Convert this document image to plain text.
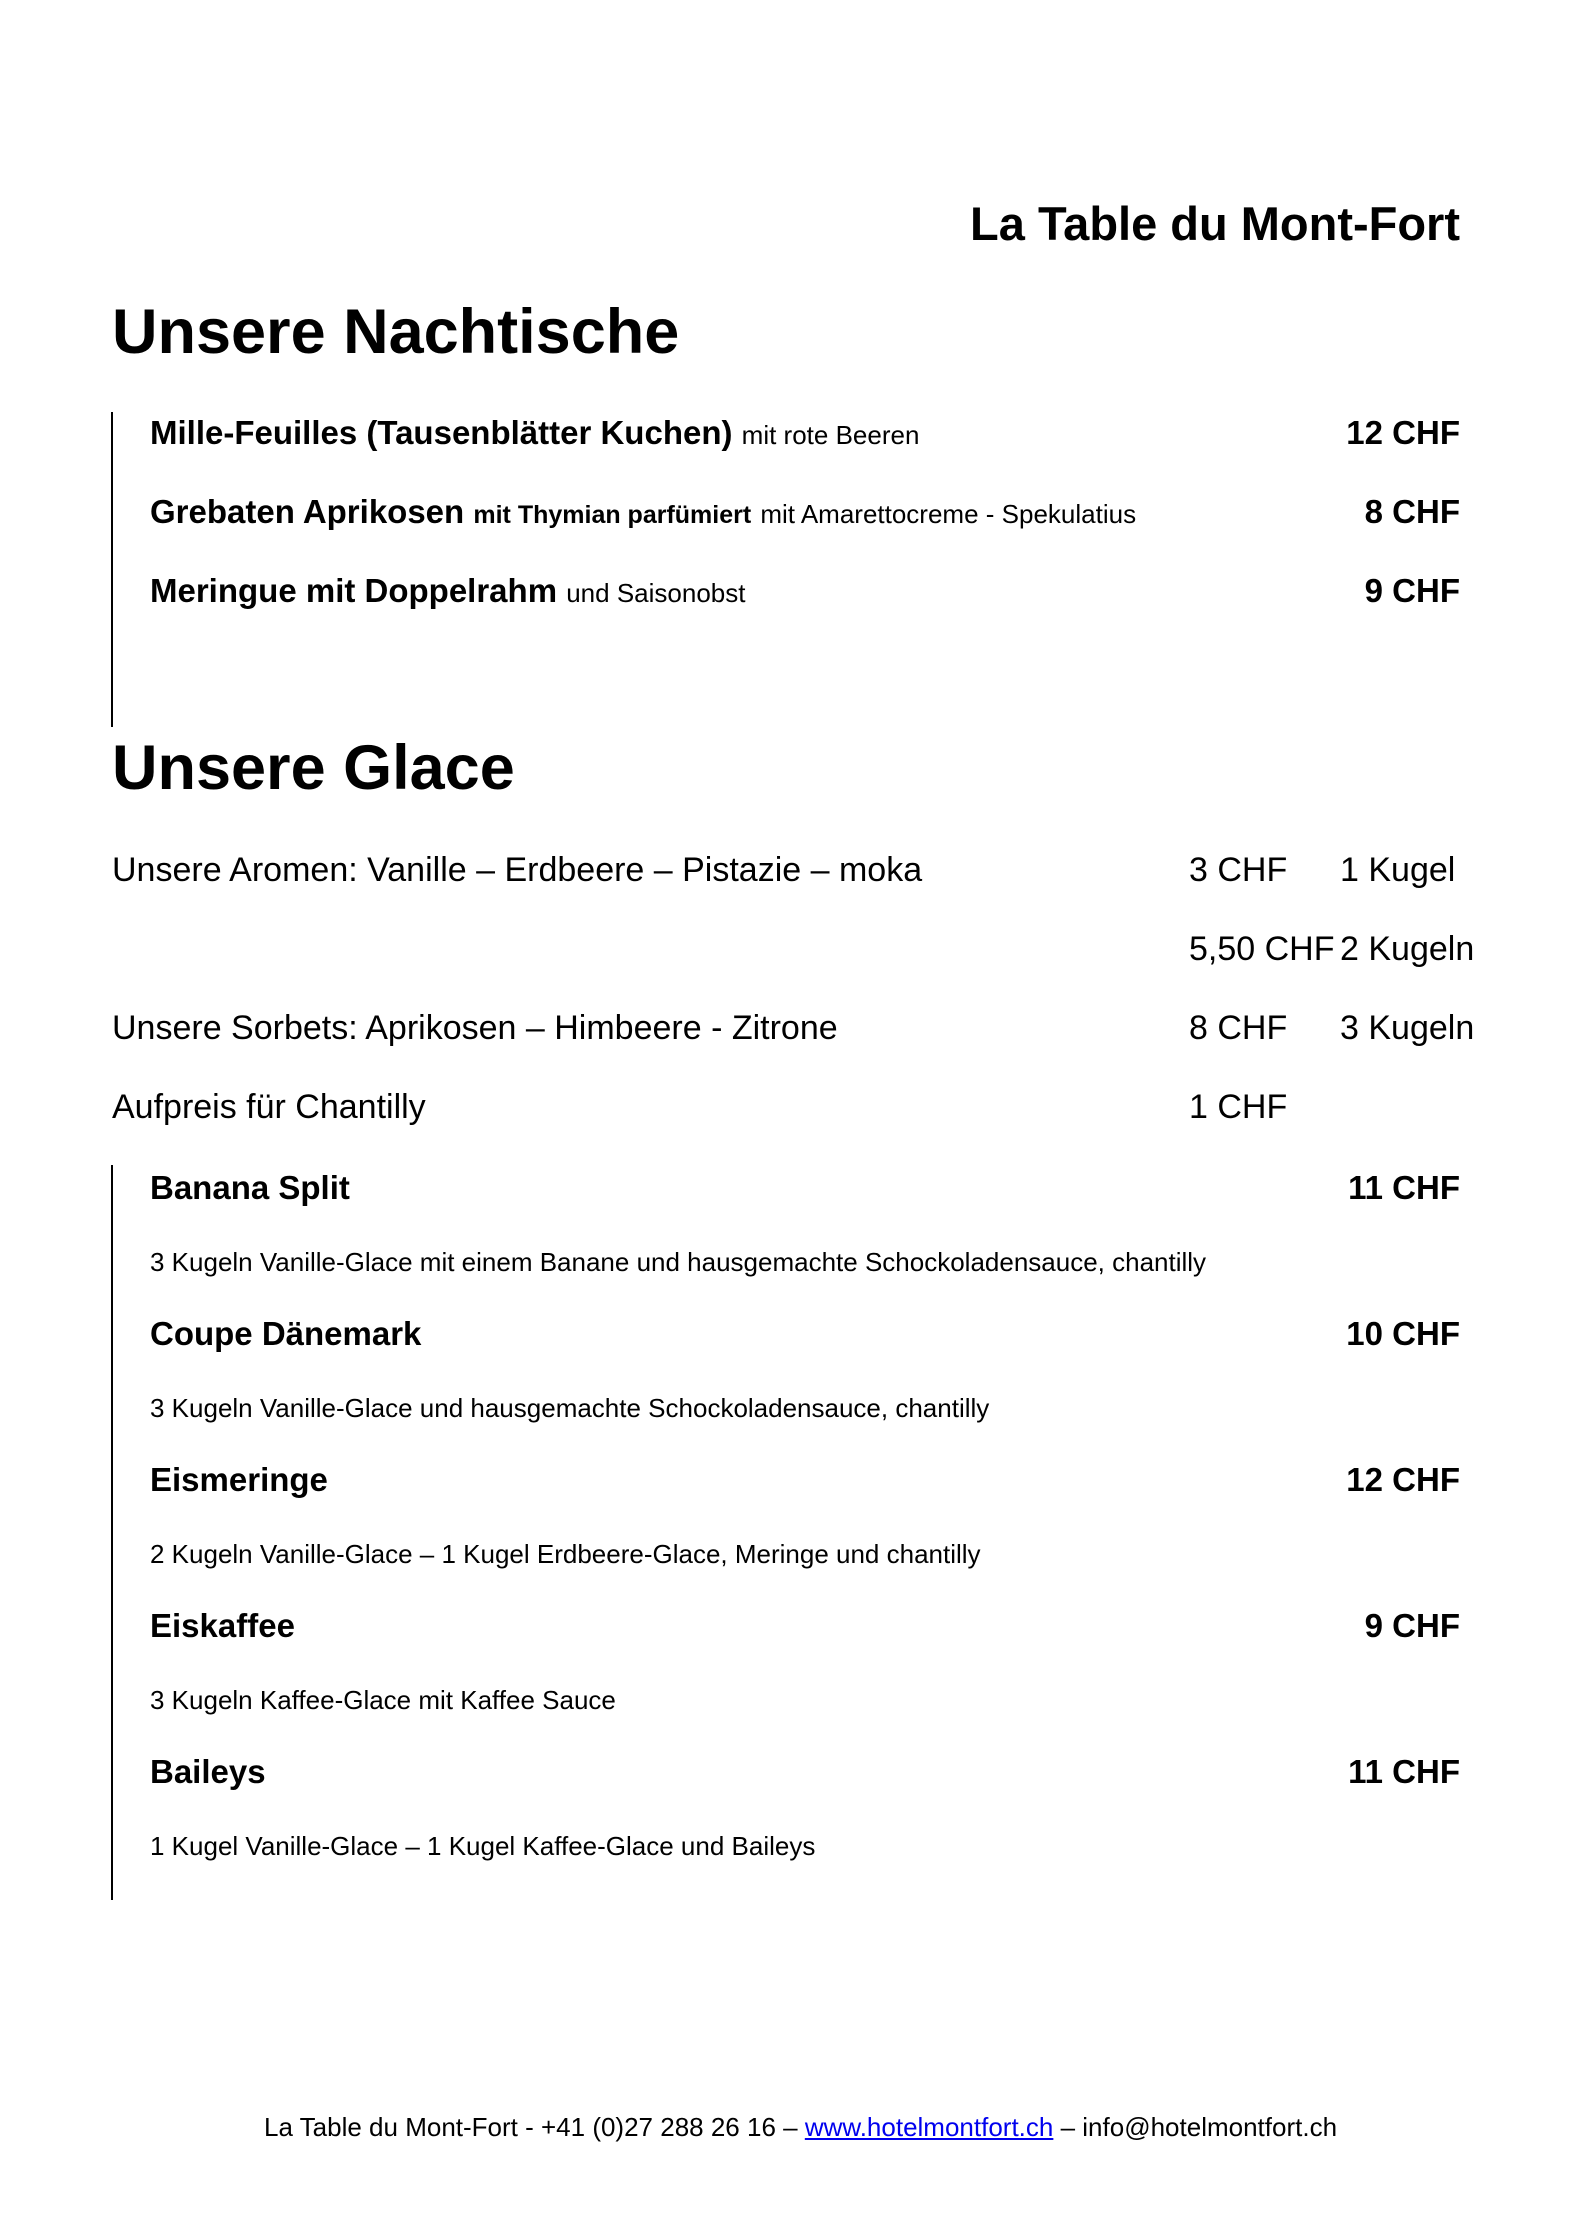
La Table du Mont-Fort
Unsere Nachtische
Mille-Feuilles (Tausenblätter Kuchen) mit rote Beeren	12 CHF
Grebaten Aprikosen mit Thymian parfümiert mit Amarettocreme - Spekulatius	8 CHF
Meringue mit Doppelrahm und Saisonobst	9 CHF
Unsere Glace
Unsere Aromen: Vanille – Erdbeere – Pistazie – moka	3 CHF 1 Kugel
5,50 CHF 2 Kugeln
Unsere Sorbets: Aprikosen – Himbeere - Zitrone	8 CHF 3 Kugeln
Aufpreis für Chantilly	1 CHF
Banana Split	11 CHF
3 Kugeln Vanille-Glace mit einem Banane und hausgemachte Schockoladensauce, chantilly
Coupe Dänemark	10 CHF
3 Kugeln Vanille-Glace und hausgemachte Schockoladensauce, chantilly
Eismeringe	12 CHF
2 Kugeln Vanille-Glace – 1 Kugel Erdbeere-Glace, Meringe und chantilly
Eiskaffee	9 CHF
3 Kugeln Kaffee-Glace mit Kaffee Sauce
Baileys	11 CHF
1 Kugel Vanille-Glace – 1 Kugel Kaffee-Glace und Baileys
La Table du Mont-Fort - +41 (0)27 288 26 16 – www.hotelmontfort.ch – info@hotelmontfort.ch
